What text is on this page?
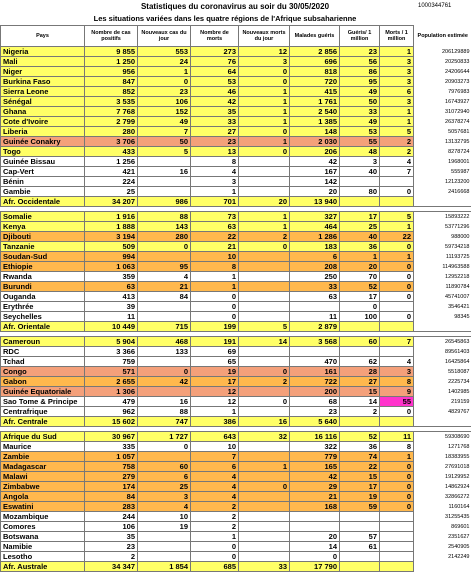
Statistiques du coronavirus au soir du 30/05/2020	1000344761
Les situations variées dans les quatre régions de l'Afrique subsaharienne
Pays	Nombre de cas positifs	Nouveaux cas du jour	Nombre de morts	Nouveaux morts du jour	Malades guéris	Guéris/ 1 million	Morts / 1 million	Population estimée
Nigeria	9 855	553	273	12	2 856	23	1	206129889
Mali	1 250	24	76	3	696	56	3	20250833
Niger	956	1	64	0	818	86	3	24206644
Burkina Faso	847	0	53	0	720	95	3	20903273
Sierra Leone	852	23	46	1	415	49	6	7976983
Sénégal	3 535	106	42	1	1 761	50	3	16743927
Ghana	7 768	152	35	1	2 540	33	1	31072940
Cote d'Ivoire	2 799	49	33	1	1 385	49	1	26378274
Liberia	280	7	27	0	148	53	5	5057681
Guinée Conakry	3 706	50	23	1	2 030	55	2	13132795
Togo	433	5	13	0	206	48	2	8278724
Guinée Bissau	1 256		8		42	3	4	1968001
Cap-Vert	421	16	4		167	40	7	555987
Bénin	224		3		142			12123200
Gambie	25		1		20	80	0	2416668
Afr. Occidentale	34 207	986	701	20	13 940			

Somalie	1 916	88	73	1	327	17	5	15893222
Kenya	1 888	143	63	1	464	25	1	53771296
Djibouti	3 194	280	22	2	1 286	40	22	988000
Tanzanie	509	0	21	0	183	36	0	59734218
Soudan-Sud	994		10		6	1	1	11193725
Ethiopie	1 063	95	8		208	20	0	114963588
Rwanda	359	4	1		250	70	0	12952218
Burundi	63	21	1		33	52	0	11890784
Ouganda	413	84	0		63	17	0	45741007
Erythrée	39		0			0		3546421
Seychelles	11		0		11	100	0	98345
Afr. Orientale	10 449	715	199	5	2 879			

Cameroun	5 904	468	191	14	3 568	60	7	26545863
RDC	3 366	133	69					89561403
Tchad	759		65		470	62	4	16425864
Congo	571	0	19	0	161	28	3	5518087
Gabon	2 655	42	17	2	722	27	8	2225734
Guinée Equatoriale	1 306		12		200	15	9	1402985
Sao Tome & Principe	479	16	12	0	68	14	55	219159
Centrafrique	962	88	1		23	2	0	4829767
Afr. Centrale	15 602	747	386	16	5 640			

Afrique du Sud	30 967	1 727	643	32	16 116	52	11	59308690
Maurice	335	0	10		322	36	8	1271768
Zambie	1 057		7		779	74	1	18383955
Madagascar	758	60	6	1	165	22	0	27691018
Malawi	279	6	4		42	15	0	19129952
Zimbabwe	174	25	4	0	29	17	0	14862924
Angola	84	3	4		21	19	0	32866272
Eswatini	283	4	2		168	59	0	1160164
Mozambique	244	10	2					31255435
Comores	106	19	2					869601
Botswana	35		1		20	57		2351627
Namibie	23		0		14	61		2540905
Lesotho	2		0		0			2142249
Afr. Australe	34 347	1 854	685	33	17 790			
